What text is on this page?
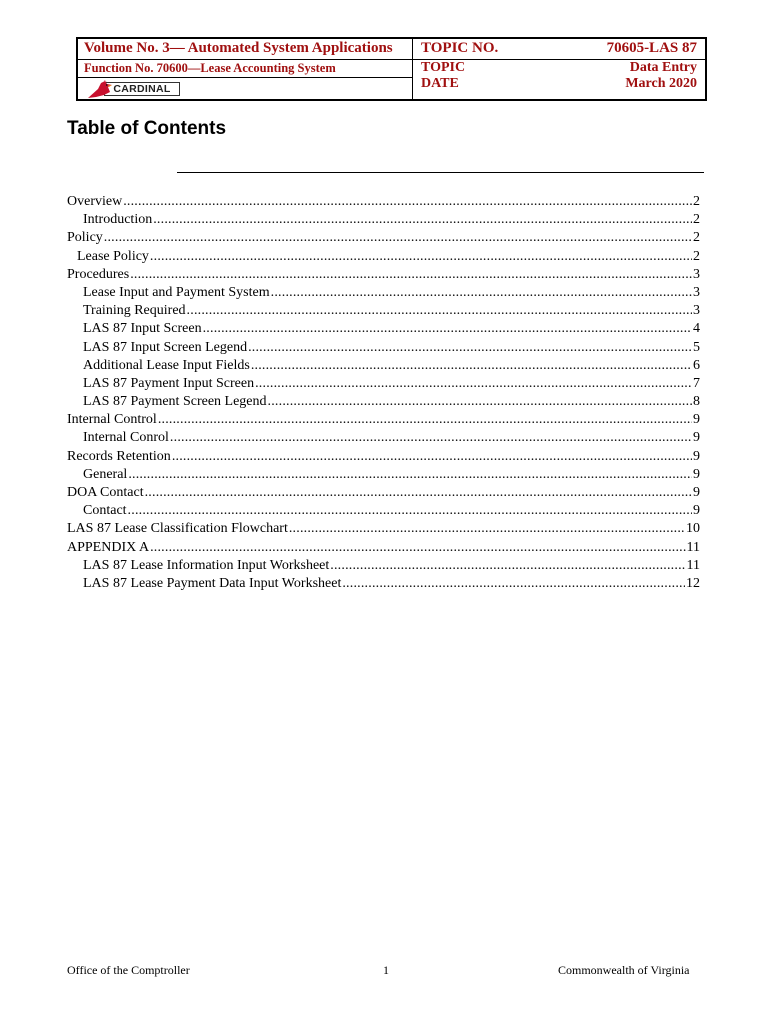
Volume No. 3— Automated System Applications
Function No. 70600—Lease Accounting System
CARDINAL
TOPIC NO.	70605-LAS 87
TOPIC	Data Entry
DATE	March 2020
Table of Contents
Overview .....	2
Introduction .....	2
Policy .....	2
Lease Policy .....	2
Procedures .....	3
Lease Input and Payment System .....	3
Training Required .....	3
LAS 87 Input Screen .....	4
LAS 87 Input Screen Legend .....	5
Additional Lease Input Fields .....	6
LAS 87 Payment Input Screen .....	7
LAS 87 Payment Screen Legend .....	8
Internal Control .....	9
Internal Conrol .....	9
Records Retention .....	9
General .....	9
DOA Contact .....	9
Contact .....	9
LAS 87 Lease Classification Flowchart .....	10
APPENDIX A .....	11
LAS 87 Lease Information Input Worksheet .....	11
LAS 87 Lease Payment Data Input Worksheet .....	12
Office of the Comptroller	1	Commonwealth of Virginia
